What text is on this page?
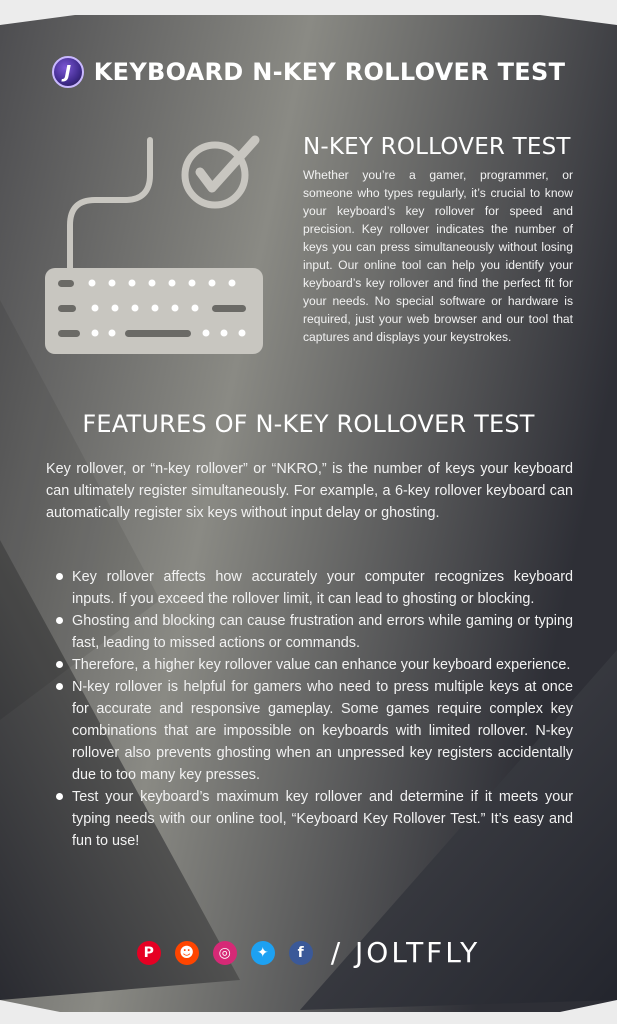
J KEYBOARD N-KEY ROLLOVER TEST
N-KEY ROLLOVER TEST

Whether you’re a gamer, programmer, or someone who types regularly, it’s crucial to know your keyboard’s key rollover for speed and precision. Key rollover indicates the number of keys you can press simultaneously without losing input. Our online tool can help you identify your keyboard’s key rollover and find the perfect fit for your needs. No special software or hardware is required, just your web browser and our tool that captures and displays your keystrokes.

FEATURES OF N-KEY ROLLOVER TEST

Key rollover, or “n-key rollover” or “NKRO,” is the number of keys your keyboard can ultimately register simultaneously. For example, a 6-key rollover keyboard can automatically register six keys without input delay or ghosting.

Key rollover affects how accurately your computer recognizes keyboard inputs. If you exceed the rollover limit, it can lead to ghosting or blocking.
Ghosting and blocking can cause frustration and errors while gaming or typing fast, leading to missed actions or commands.
Therefore, a higher key rollover value can enhance your keyboard experience.
N-key rollover is helpful for gamers who need to press multiple keys at once for accurate and responsive gameplay. Some games require complex key combinations that are impossible on keyboards with limited rollover. N-key rollover also prevents ghosting when an unpressed key registers accidentally due to too many key presses.
Test your keyboard’s maximum key rollover and determine if it meets your typing needs with our online tool, “Keyboard Key Rollover Test.” It’s easy and fun to use!
P ☻ ◎ ✦ f / JOLTFLY
